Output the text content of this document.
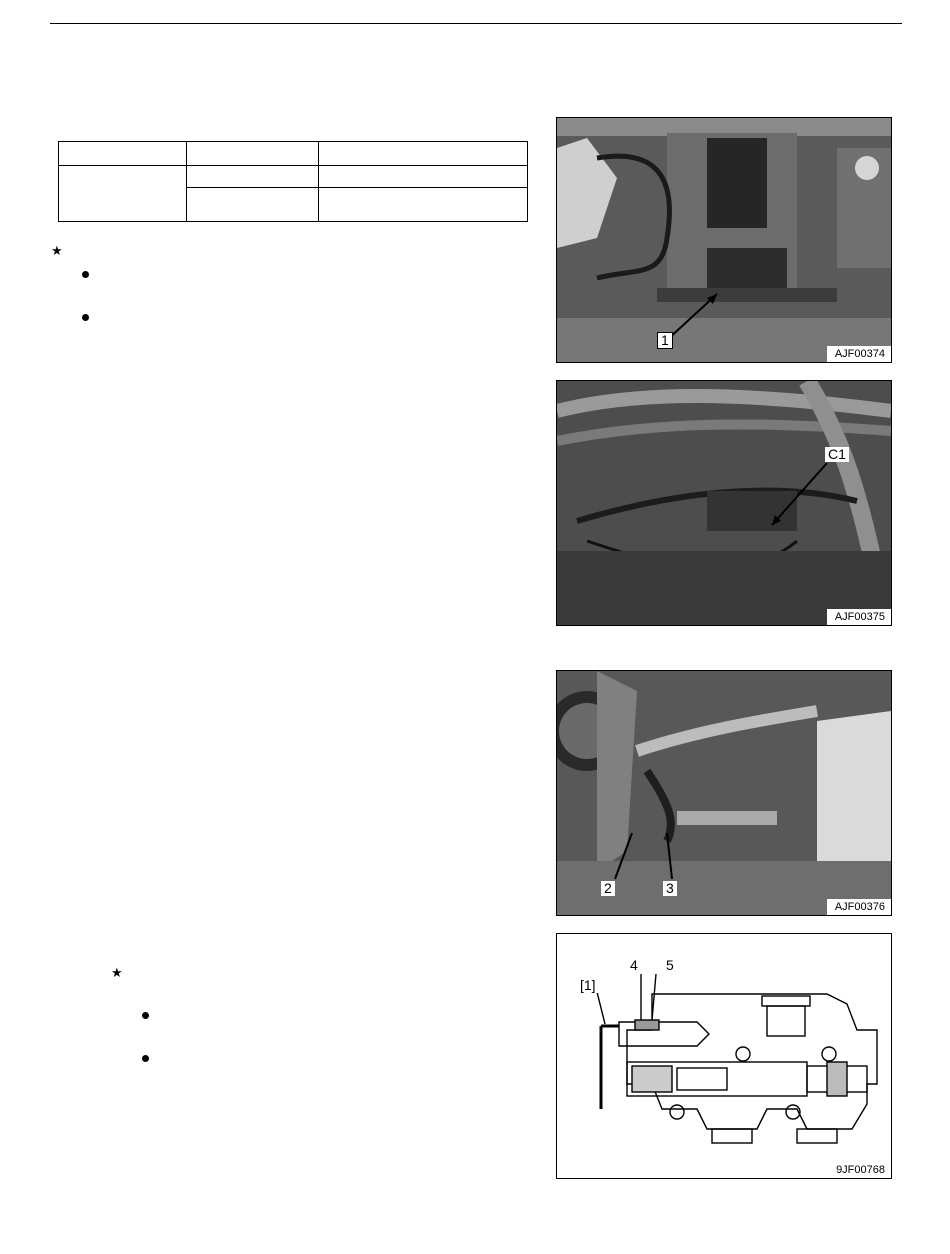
★
★
1
AJF00374
C1
AJF00375
2	3
AJF00376
[1]
4 5
9JF00768
